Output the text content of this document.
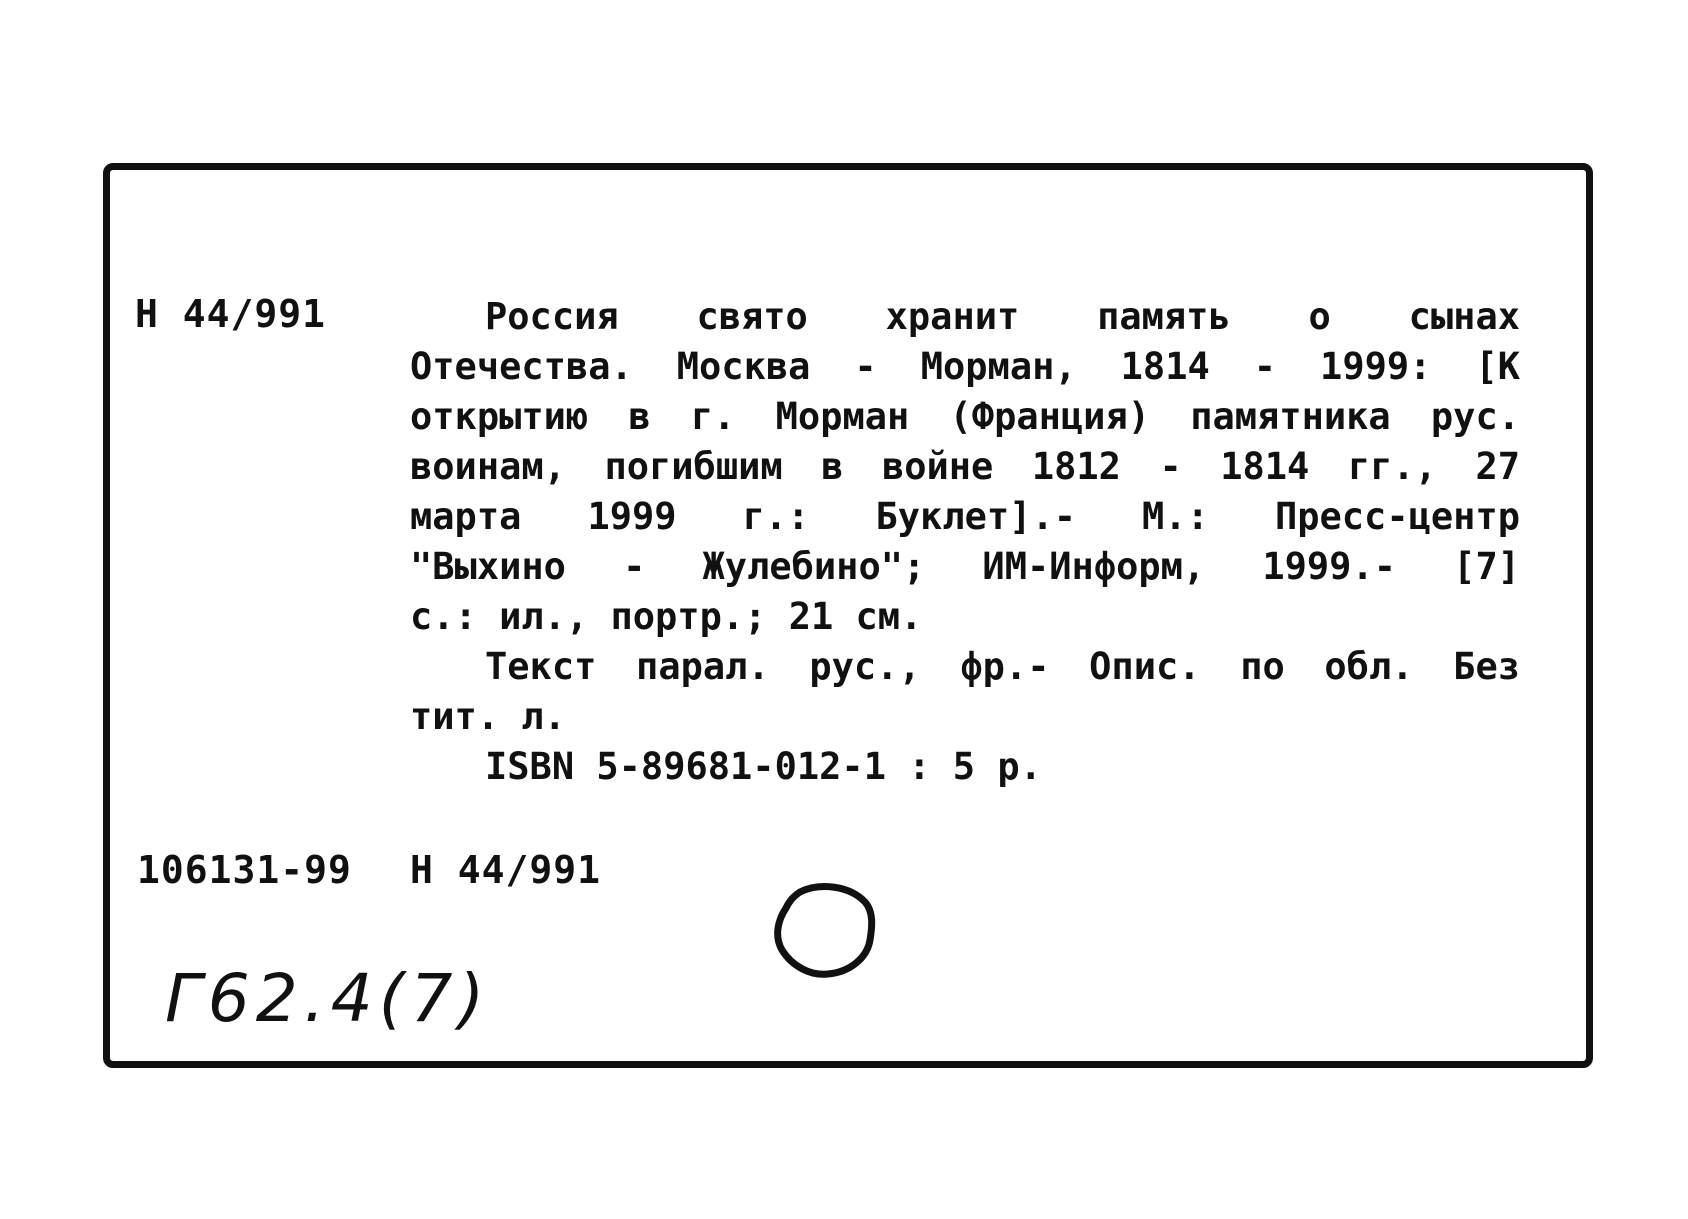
Н 44/991	Россия свято хранит память о сынах
Отечества. Москва - Морман, 1814 - 1999: [К
открытию в г. Морман (Франция) памятника рус.
воинам, погибшим в войне 1812 - 1814 гг., 27
марта 1999 г.: Буклет].- М.: Пресс-центр
"Выхино - Жулебино"; ИМ-Информ, 1999.- [7]
с.: ил., портр.; 21 см.
Текст парал. рус., фр.- Опис. по обл. Без
тит. л.
ISBN 5-89681-012-1 : 5 р.
106131-99 Н 44/991
Г62.4(7)
